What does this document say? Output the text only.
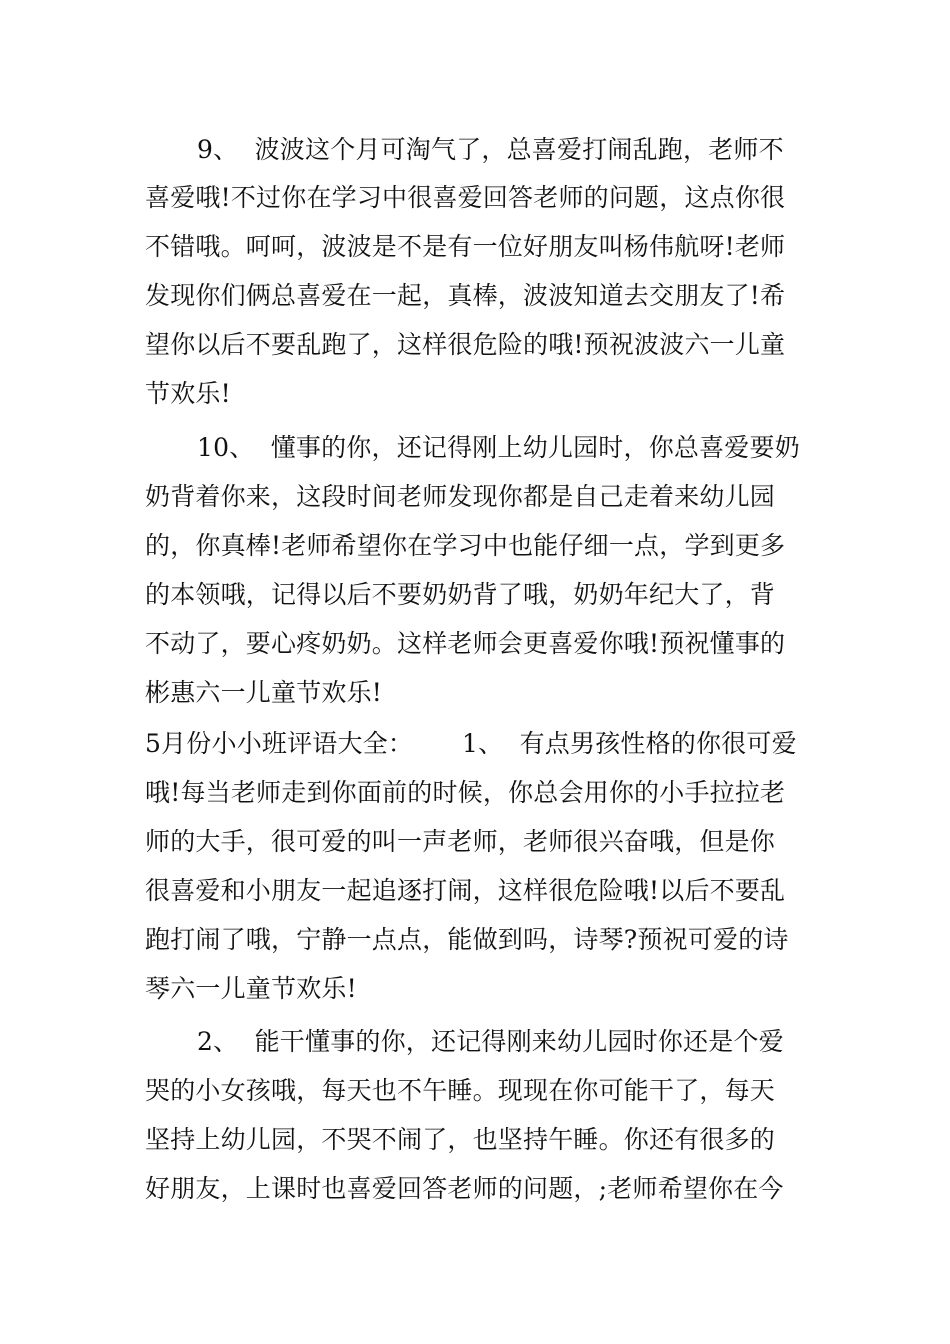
9、  波波这个月可淘气了，总喜爱打闹乱跑，老师不
喜爱哦!不过你在学习中很喜爱回答老师的问题，这点你很
不错哦。呵呵，波波是不是有一位好朋友叫杨伟航呀!老师
发现你们俩总喜爱在一起，真棒，波波知道去交朋友了!希
望你以后不要乱跑了，这样很危险的哦!预祝波波六一儿童
节欢乐!
10、  懂事的你，还记得刚上幼儿园时，你总喜爱要奶
奶背着你来，这段时间老师发现你都是自己走着来幼儿园
的，你真棒!老师希望你在学习中也能仔细一点，学到更多
的本领哦，记得以后不要奶奶背了哦，奶奶年纪大了，背
不动了，要心疼奶奶。这样老师会更喜爱你哦!预祝懂事的
彬惠六一儿童节欢乐!
5月份小小班评语大全：      1、  有点男孩性格的你很可爱
哦!每当老师走到你面前的时候，你总会用你的小手拉拉老
师的大手，很可爱的叫一声老师，老师很兴奋哦，但是你
很喜爱和小朋友一起追逐打闹，这样很危险哦!以后不要乱
跑打闹了哦，宁静一点点，能做到吗，诗琴?预祝可爱的诗
琴六一儿童节欢乐!
2、  能干懂事的你，还记得刚来幼儿园时你还是个爱
哭的小女孩哦，每天也不午睡。现现在你可能干了，每天
坚持上幼儿园，不哭不闹了，也坚持午睡。你还有很多的
好朋友，上课时也喜爱回答老师的问题，;老师希望你在今
